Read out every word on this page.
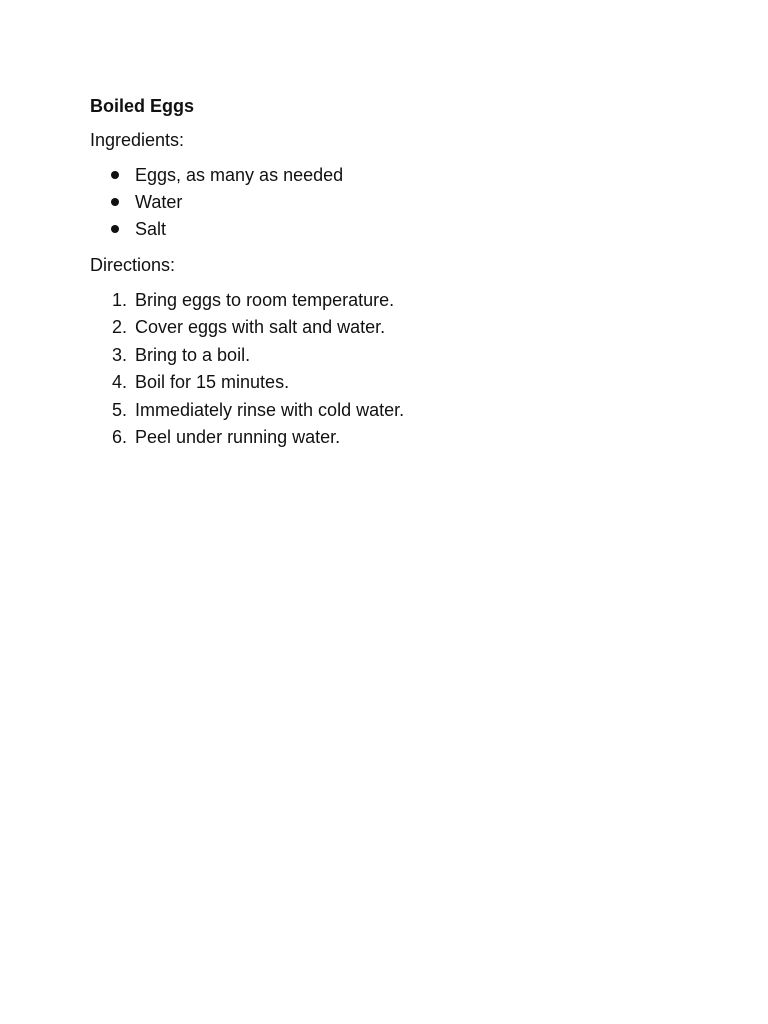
Boiled Eggs
Ingredients:
Eggs, as many as needed
Water
Salt
Directions:
1. Bring eggs to room temperature.
2. Cover eggs with salt and water.
3. Bring to a boil.
4. Boil for 15 minutes.
5. Immediately rinse with cold water.
6. Peel under running water.
